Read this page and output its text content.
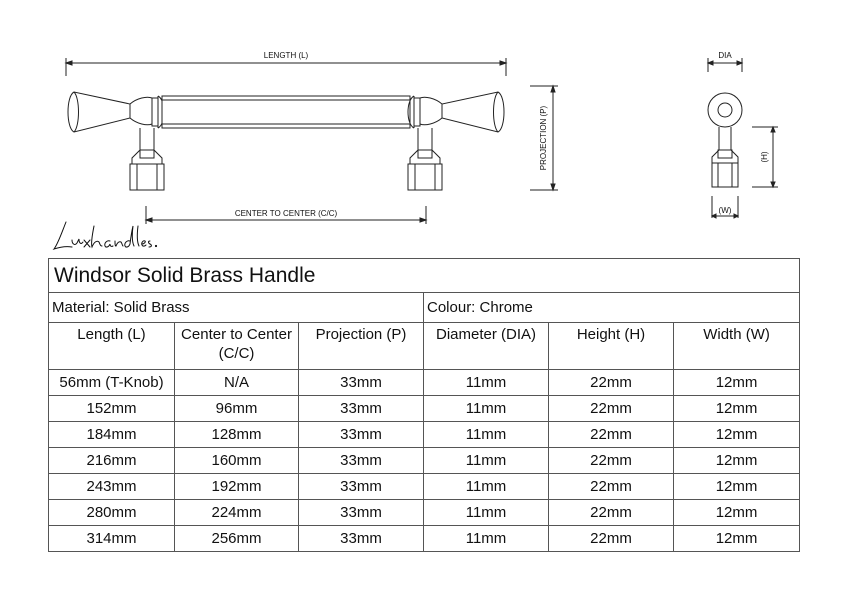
LENGTH (L)
CENTER TO CENTER (C/C)
PROJECTION (P)
DIA
(H)
(W)
Windsor Solid Brass Handle					
Material: Solid Brass			Colour: Chrome		
Length (L)	Center to Center (C/C)	Projection (P)	Diameter (DIA)	Height (H)	Width (W)
56mm (T-Knob)	N/A	33mm	11mm	22mm	12mm
152mm	96mm	33mm	11mm	22mm	12mm
184mm	128mm	33mm	11mm	22mm	12mm
216mm	160mm	33mm	11mm	22mm	12mm
243mm	192mm	33mm	11mm	22mm	12mm
280mm	224mm	33mm	11mm	22mm	12mm
314mm	256mm	33mm	11mm	22mm	12mm
